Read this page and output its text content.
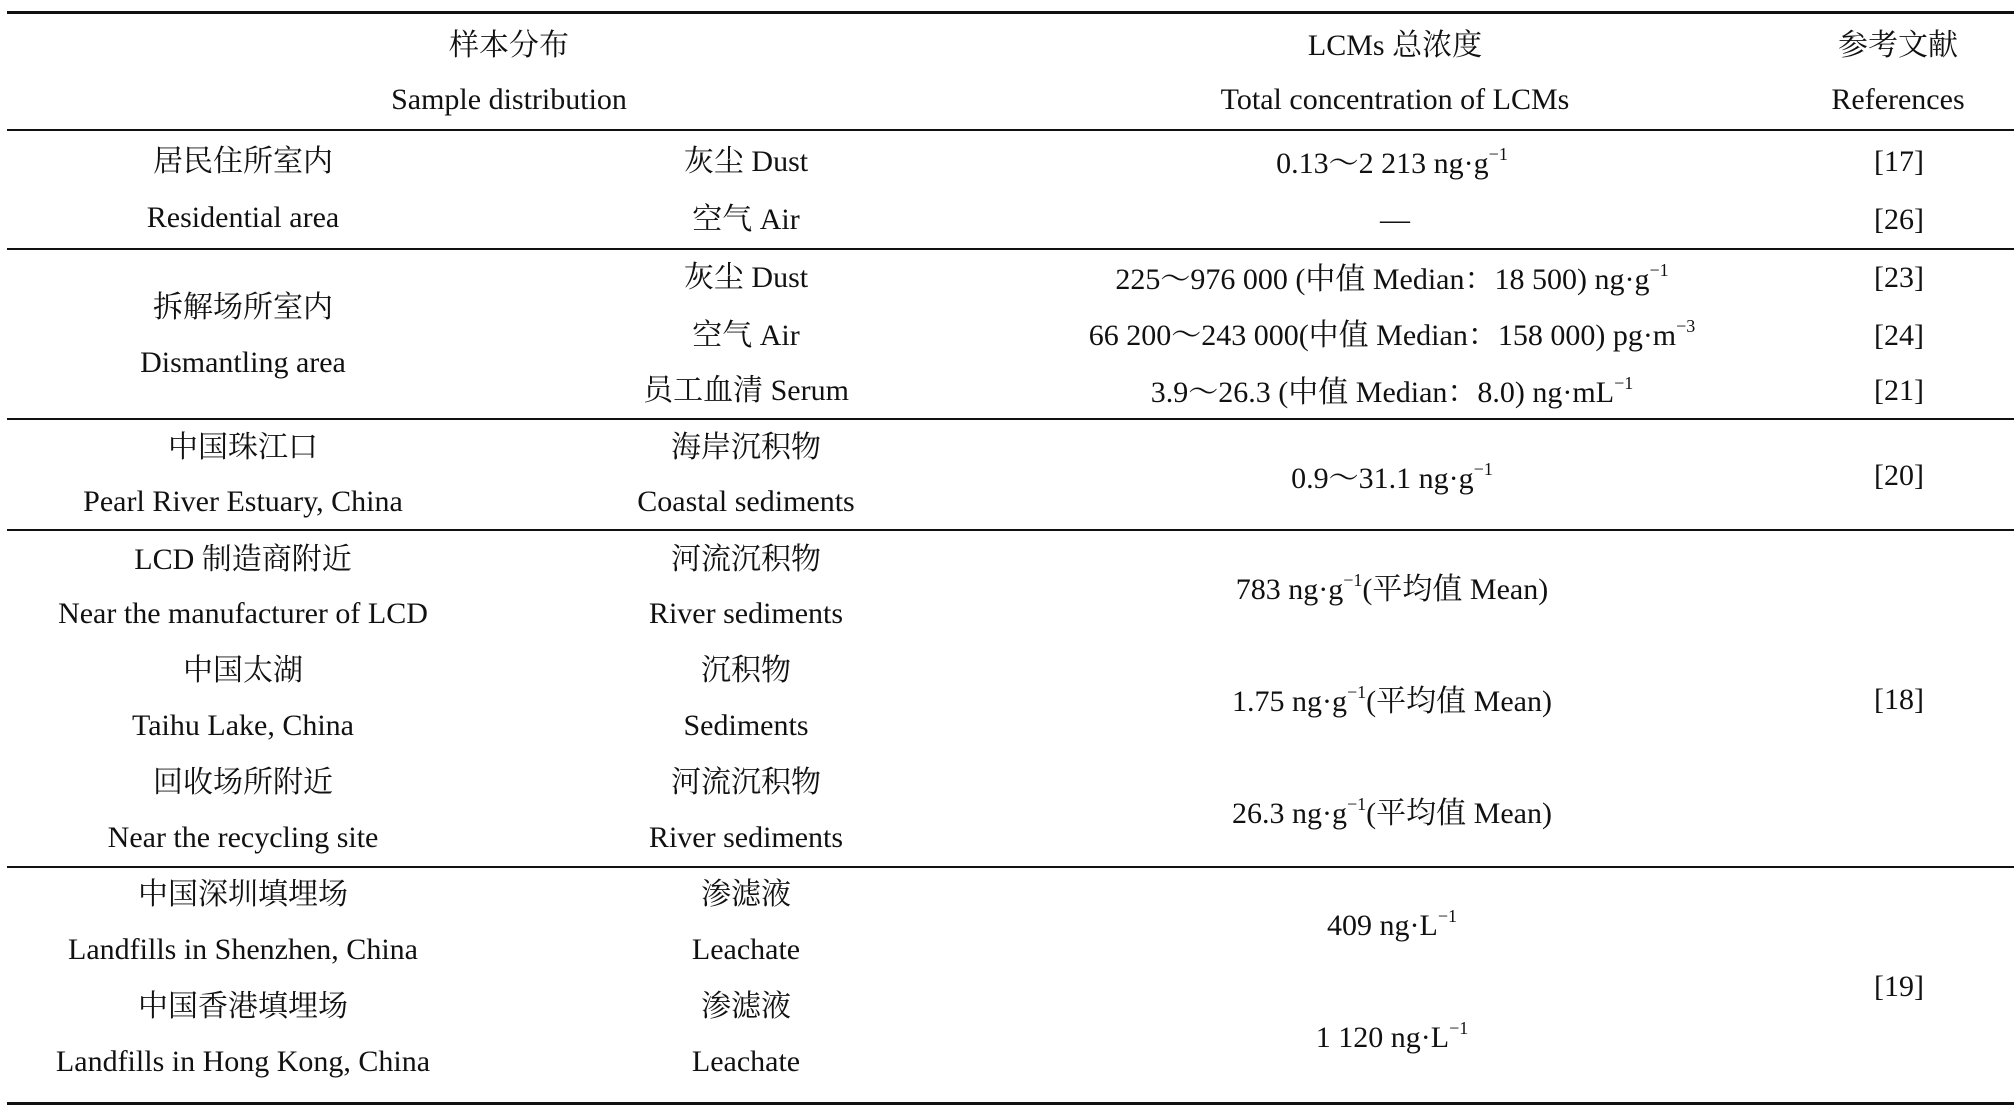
样本分布
Sample distribution
LCMs 总浓度
Total concentration of LCMs
参考文献
References
居民住所室内
Residential area
灰尘 Dust
空气 Air
0.13～2 213 $ng\cdot g^{-1}$
—
[17]
[26]
拆解场所室内
Dismantling area
灰尘 Dust
空气 Air
员工血清 Serum
225～976 000 (中值 Median：18 500) $ng\cdot g^{-1}$
66 200～243 000(中值 Median：158 000) $pg\cdot m^{-3}$
3.9～26.3 (中值 Median：8.0) $ng\cdot mL^{-1}$
[23]
[24]
[21]
中国珠江口
Pearl River Estuary, China
海岸沉积物
Coastal sediments
0.9～31.1 $ng\cdot g^{-1}$	[20]
LCD 制造商附近
Near the manufacturer of LCD
河流沉积物
River sediments
783 $ng\cdot g^{-1}$(平均值 Mean)
中国太湖
Taihu Lake, China
沉积物
Sediments
1.75 $ng\cdot g^{-1}$(平均值 Mean)
回收场所附近
Near the recycling site
河流沉积物
River sediments
26.3 $ng\cdot g^{-1}$(平均值 Mean)
[18]
中国深圳填埋场
Landfills in Shenzhen, China
渗滤液
Leachate
409 $ng\cdot L^{-1}$
中国香港填埋场
Landfills in Hong Kong, China
渗滤液
Leachate
1 120 $ng\cdot L^{-1}$
[19]
